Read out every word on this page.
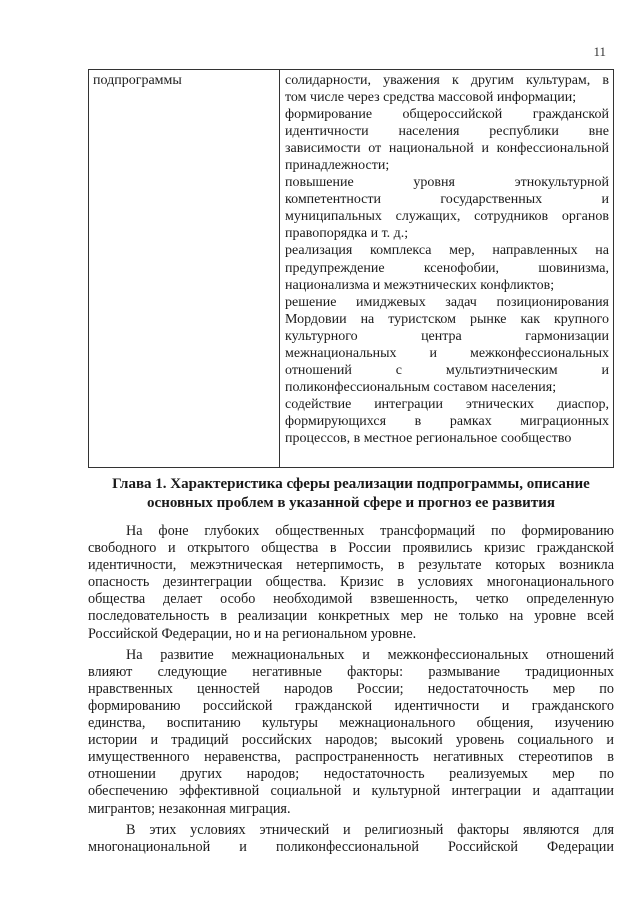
11
подпрограммы	солидарности, уважения к другим культурам, в
том числе через средства массовой информации;
формирование общероссийской гражданской
идентичности населения республики вне
зависимости от национальной и конфессиональной
принадлежности;
повышение уровня этнокультурной
компетентности государственных и
муниципальных служащих, сотрудников органов
правопорядка и т. д.;
реализация комплекса мер, направленных на
предупреждение ксенофобии, шовинизма,
национализма и межэтнических конфликтов;
решение имиджевых задач позиционирования
Мордовии на туристском рынке как крупного
культурного центра гармонизации
межнациональных и межконфессиональных
отношений с мультиэтническим и
поликонфессиональным составом населения;
содействие интеграции этнических диаспор,
формирующихся в рамках миграционных
процессов, в местное региональное сообщество
Глава 1. Характеристика сферы реализации подпрограммы, описание
основных проблем в указанной сфере и прогноз ее развития
На фоне глубоких общественных трансформаций по формированию
свободного и открытого общества в России проявились кризис гражданской
идентичности, межэтническая нетерпимость, в результате которых возникла
опасность дезинтеграции общества. Кризис в условиях многонационального
общества делает особо необходимой взвешенность, четко определенную
последовательность в реализации конкретных мер не только на уровне всей
Российской Федерации, но и на региональном уровне.
На развитие межнациональных и межконфессиональных отношений
влияют следующие негативные факторы: размывание традиционных
нравственных ценностей народов России; недостаточность мер по
формированию российской гражданской идентичности и гражданского
единства, воспитанию культуры межнационального общения, изучению
истории и традиций российских народов; высокий уровень социального и
имущественного неравенства, распространенность негативных стереотипов в
отношении других народов; недостаточность реализуемых мер по
обеспечению эффективной социальной и культурной интеграции и адаптации
мигрантов; незаконная миграция.
В этих условиях этнический и религиозный факторы являются для
многонациональной и поликонфессиональной Российской Федерации
